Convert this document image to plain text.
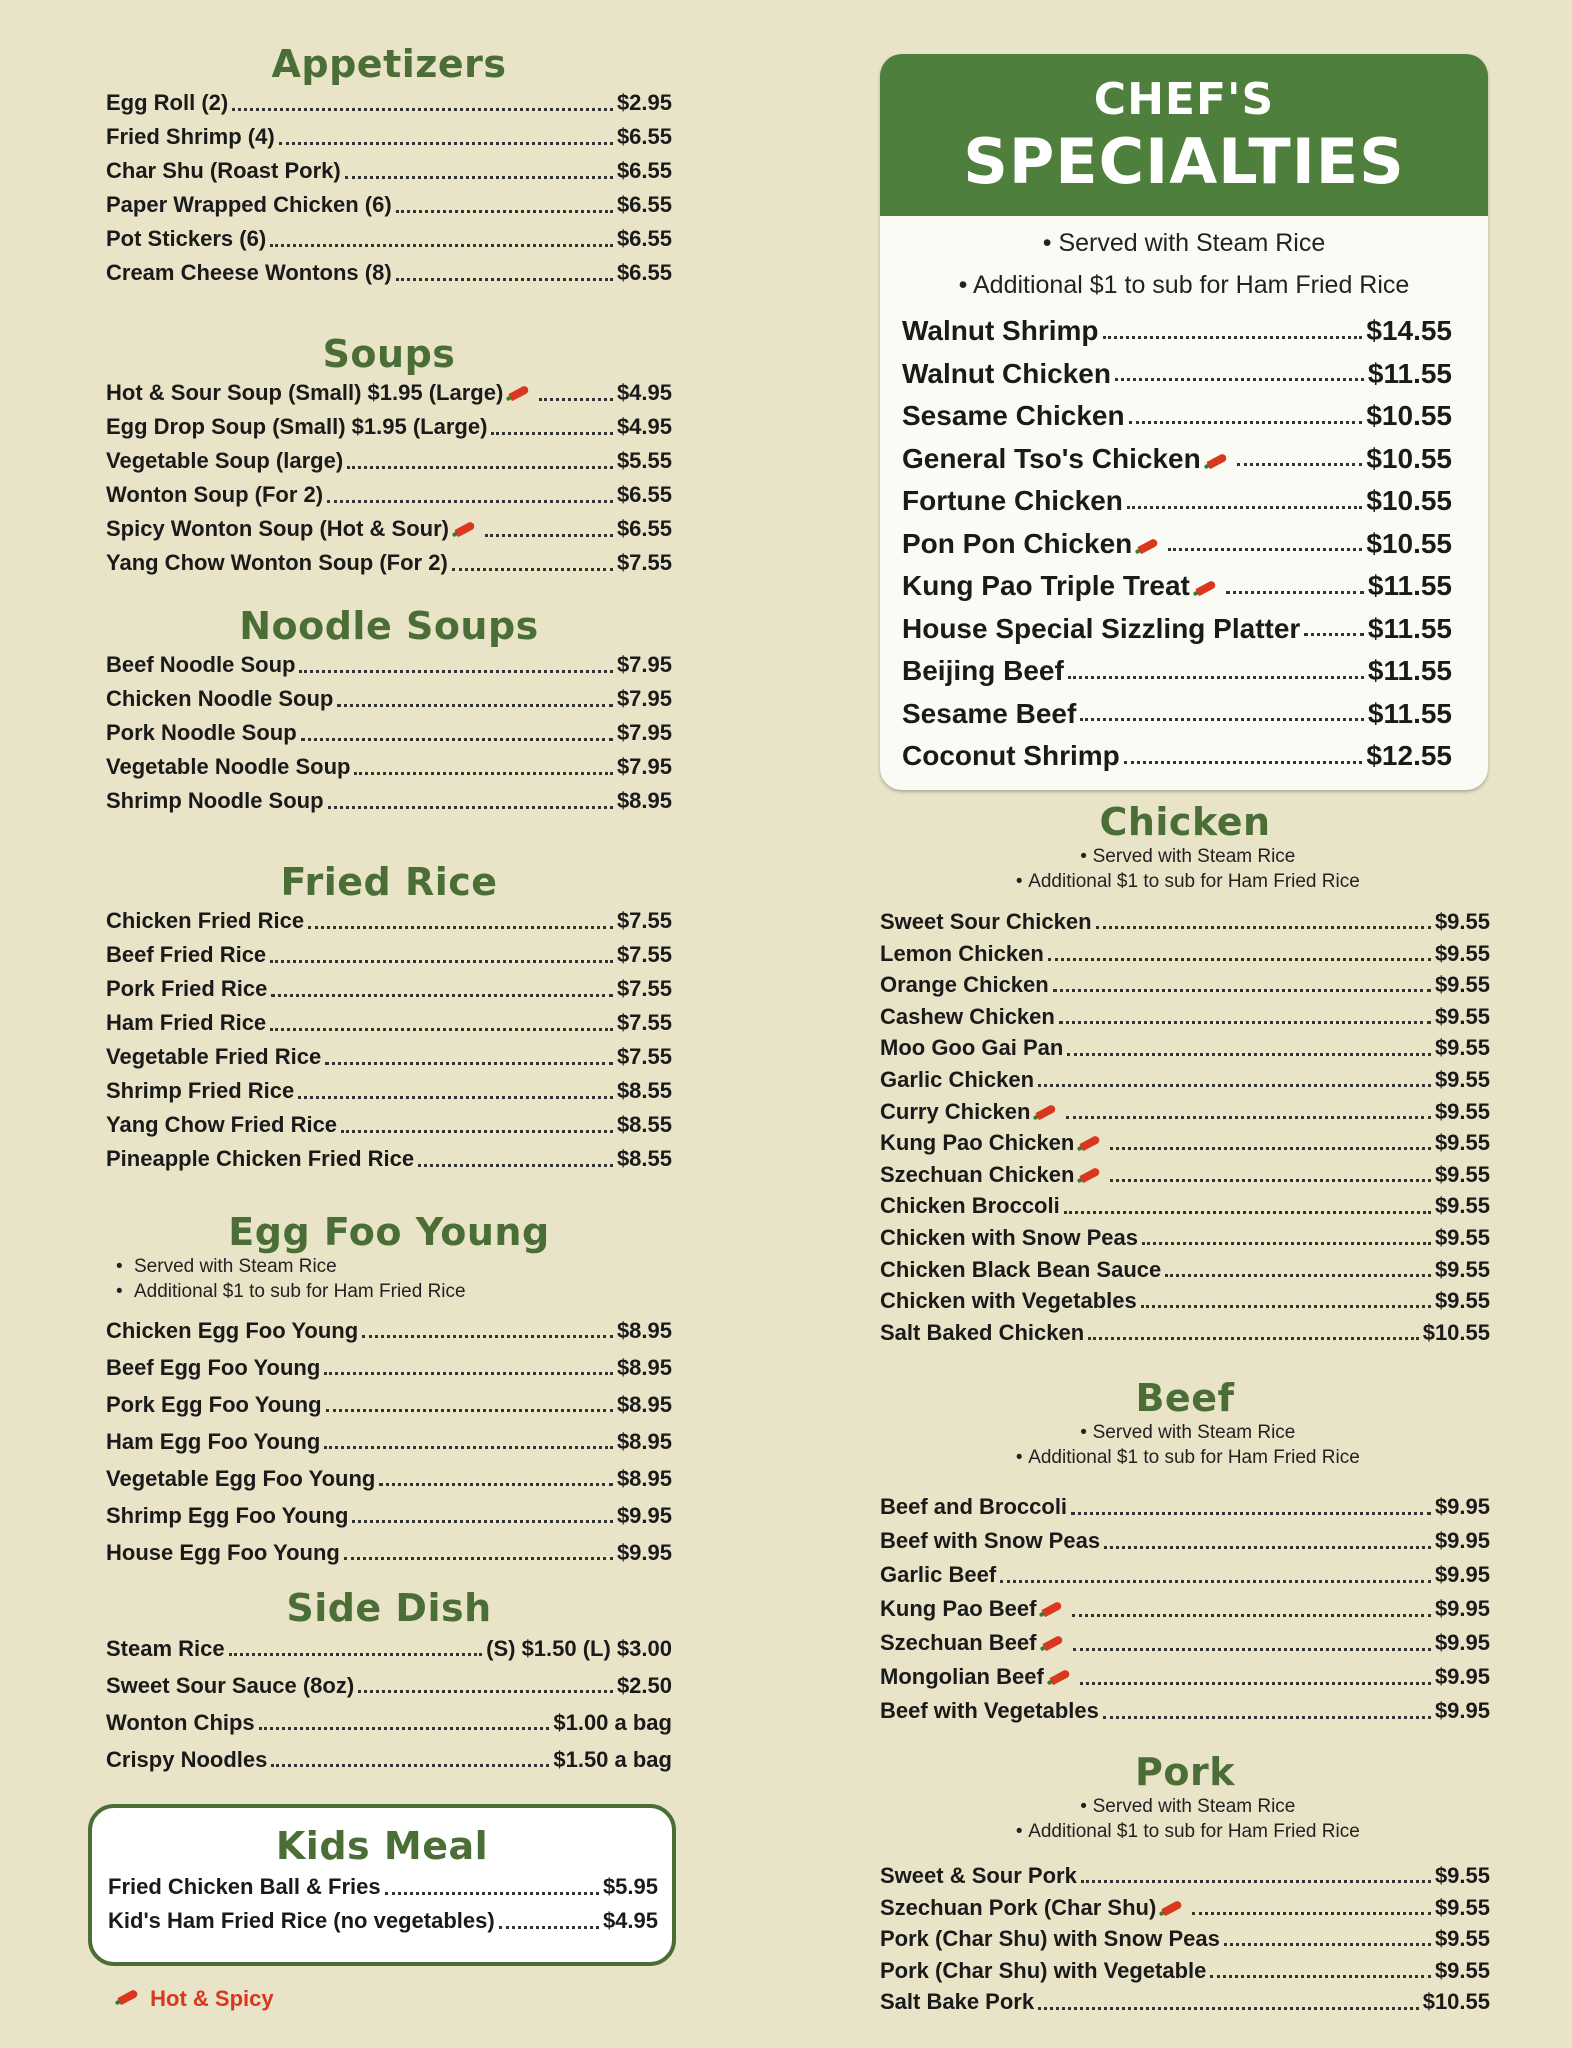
Appetizers
Egg Roll (2)	$2.95
Fried Shrimp (4)	$6.55
Char Shu (Roast Pork)	$6.55
Paper Wrapped Chicken (6)	$6.55
Pot Stickers (6)	$6.55
Cream Cheese Wontons (8)	$6.55
Soups
Hot & Sour Soup (Small) $1.95 (Large)	$4.95
Egg Drop Soup (Small) $1.95 (Large)	$4.95
Vegetable Soup (large)	$5.55
Wonton Soup (For 2)	$6.55
Spicy Wonton Soup (Hot & Sour)	$6.55
Yang Chow Wonton Soup (For 2)	$7.55
Noodle Soups
Beef Noodle Soup	$7.95
Chicken Noodle Soup	$7.95
Pork Noodle Soup	$7.95
Vegetable Noodle Soup	$7.95
Shrimp Noodle Soup	$8.95
Fried Rice
Chicken Fried Rice	$7.55
Beef Fried Rice	$7.55
Pork Fried Rice	$7.55
Ham Fried Rice	$7.55
Vegetable Fried Rice	$7.55
Shrimp Fried Rice	$8.55
Yang Chow Fried Rice	$8.55
Pineapple Chicken Fried Rice	$8.55
Egg Foo Young
• Served with Steam Rice
• Additional $1 to sub for Ham Fried Rice
Chicken Egg Foo Young	$8.95
Beef Egg Foo Young	$8.95
Pork Egg Foo Young	$8.95
Ham Egg Foo Young	$8.95
Vegetable Egg Foo Young	$8.95
Shrimp Egg Foo Young	$9.95
House Egg Foo Young	$9.95
Side Dish
Steam Rice	(S) $1.50 (L) $3.00
Sweet Sour Sauce (8oz)	$2.50
Wonton Chips	$1.00 a bag
Crispy Noodles	$1.50 a bag
Kids Meal
Fried Chicken Ball & Fries	$5.95
Kid's Ham Fried Rice (no vegetables)	$4.95
Hot & Spicy
CHEF'S
SPECIALTIES
• Served with Steam Rice
• Additional $1 to sub for Ham Fried Rice
Walnut Shrimp	$14.55
Walnut Chicken	$11.55
Sesame Chicken	$10.55
General Tso's Chicken	$10.55
Fortune Chicken	$10.55
Pon Pon Chicken	$10.55
Kung Pao Triple Treat	$11.55
House Special Sizzling Platter $11.55
Beijing Beef	$11.55
Sesame Beef	$11.55
Coconut Shrimp	$12.55
Chicken
• Served with Steam Rice
• Additional $1 to sub for Ham Fried Rice
Sweet Sour Chicken	$9.55
Lemon Chicken	$9.55
Orange Chicken	$9.55
Cashew Chicken	$9.55
Moo Goo Gai Pan	$9.55
Garlic Chicken	$9.55
Curry Chicken	$9.55
Kung Pao Chicken	$9.55
Szechuan Chicken	$9.55
Chicken Broccoli	$9.55
Chicken with Snow Peas	$9.55
Chicken Black Bean Sauce	$9.55
Chicken with Vegetables	$9.55
Salt Baked Chicken	$10.55
Beef
• Served with Steam Rice
• Additional $1 to sub for Ham Fried Rice
Beef and Broccoli	$9.95
Beef with Snow Peas	$9.95
Garlic Beef	$9.95
Kung Pao Beef	$9.95
Szechuan Beef	$9.95
Mongolian Beef	$9.95
Beef with Vegetables	$9.95
Pork
• Served with Steam Rice
• Additional $1 to sub for Ham Fried Rice
Sweet & Sour Pork	$9.55
Szechuan Pork (Char Shu)	$9.55
Pork (Char Shu) with Snow Peas	$9.55
Pork (Char Shu) with Vegetable	$9.55
Salt Bake Pork	$10.55
